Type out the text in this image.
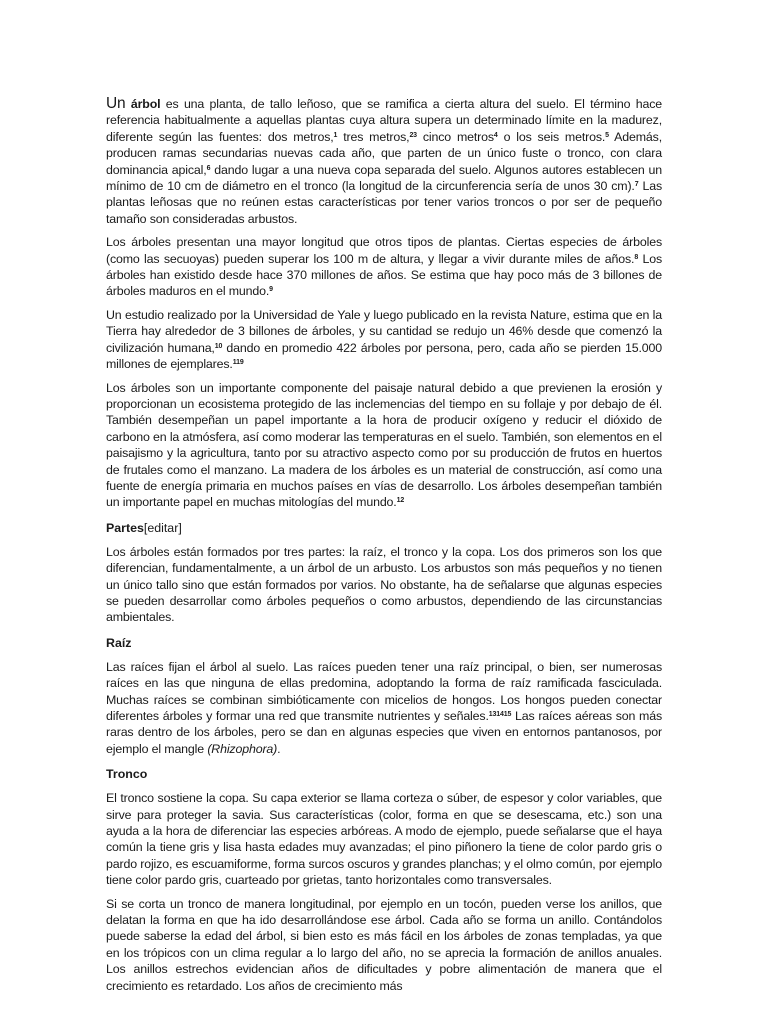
Un árbol es una planta, de tallo leñoso, que se ramifica a cierta altura del suelo. El término hace referencia habitualmente a aquellas plantas cuya altura supera un determinado límite en la madurez, diferente según las fuentes: dos metros,$^1$ tres metros,$^{23}$ cinco metros$^4$ o los seis metros.$^5$ Además, producen ramas secundarias nuevas cada año, que parten de un único fuste o tronco, con clara dominancia apical,$^6$ dando lugar a una nueva copa separada del suelo. Algunos autores establecen un mínimo de 10 cm de diámetro en el tronco (la longitud de la circunferencia sería de unos 30 cm).$^7$ Las plantas leñosas que no reúnen estas características por tener varios troncos o por ser de pequeño tamaño son consideradas arbustos.

Los árboles presentan una mayor longitud que otros tipos de plantas. Ciertas especies de árboles (como las secuoyas) pueden superar los 100 m de altura, y llegar a vivir durante miles de años.$^8$ Los árboles han existido desde hace 370 millones de años. Se estima que hay poco más de 3 billones de árboles maduros en el mundo.$^9$

Un estudio realizado por la Universidad de Yale y luego publicado en la revista Nature, estima que en la Tierra hay alrededor de 3 billones de árboles, y su cantidad se redujo un 46% desde que comenzó la civilización humana,$^{10}$ dando en promedio 422 árboles por persona, pero, cada año se pierden 15.000 millones de ejemplares.$^{119}$

Los árboles son un importante componente del paisaje natural debido a que previenen la erosión y proporcionan un ecosistema protegido de las inclemencias del tiempo en su follaje y por debajo de él. También desempeñan un papel importante a la hora de producir oxígeno y reducir el dióxido de carbono en la atmósfera, así como moderar las temperaturas en el suelo. También, son elementos en el paisajismo y la agricultura, tanto por su atractivo aspecto como por su producción de frutos en huertos de frutales como el manzano. La madera de los árboles es un material de construcción, así como una fuente de energía primaria en muchos países en vías de desarrollo. Los árboles desempeñan también un importante papel en muchas mitologías del mundo.$^{12}$

Partes[editar]

Los árboles están formados por tres partes: la raíz, el tronco y la copa. Los dos primeros son los que diferencian, fundamentalmente, a un árbol de un arbusto. Los arbustos son más pequeños y no tienen un único tallo sino que están formados por varios. No obstante, ha de señalarse que algunas especies se pueden desarrollar como árboles pequeños o como arbustos, dependiendo de las circunstancias ambientales.

Raíz

Las raíces fijan el árbol al suelo. Las raíces pueden tener una raíz principal, o bien, ser numerosas raíces en las que ninguna de ellas predomina, adoptando la forma de raíz ramificada fasciculada. Muchas raíces se combinan simbióticamente con micelios de hongos. Los hongos pueden conectar diferentes árboles y formar una red que transmite nutrientes y señales.$^{131415}$ Las raíces aéreas son más raras dentro de los árboles, pero se dan en algunas especies que viven en entornos pantanosos, por ejemplo el mangle (Rhizophora).

Tronco

El tronco sostiene la copa. Su capa exterior se llama corteza o súber, de espesor y color variables, que sirve para proteger la savia. Sus características (color, forma en que se desescama, etc.) son una ayuda a la hora de diferenciar las especies arbóreas. A modo de ejemplo, puede señalarse que el haya común la tiene gris y lisa hasta edades muy avanzadas; el pino piñonero la tiene de color pardo gris o pardo rojizo, es escuamiforme, forma surcos oscuros y grandes planchas; y el olmo común, por ejemplo tiene color pardo gris, cuarteado por grietas, tanto horizontales como transversales.

Si se corta un tronco de manera longitudinal, por ejemplo en un tocón, pueden verse los anillos, que delatan la forma en que ha ido desarrollándose ese árbol. Cada año se forma un anillo. Contándolos puede saberse la edad del árbol, si bien esto es más fácil en los árboles de zonas templadas, ya que en los trópicos con un clima regular a lo largo del año, no se aprecia la formación de anillos anuales. Los anillos estrechos evidencian años de dificultades y pobre alimentación de manera que el crecimiento es retardado. Los años de crecimiento más
